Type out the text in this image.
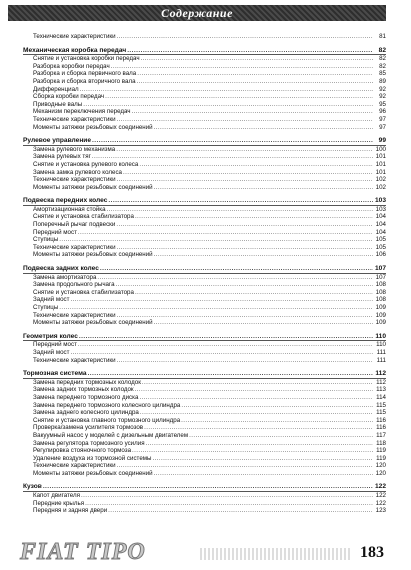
Содержание
Технические характеристики .....	81
Механическая коробка передач .....	82
Снятие и установка коробки передач .....	82
Разборка коробки передач .....	82
Разборка и сборка первичного вала .....	85
Разборка и сборка вторичного вала .....	89
Дифференциал .....	92
Сборка коробки передач .....	92
Приводные валы .....	95
Механизм переключения передач .....	96
Технические характеристики .....	97
Моменты затяжки резьбовых соединений .....	97
Рулевое управление .....	99
Замена рулевого механизма .....	100
Замена рулевых тяг .....	101
Снятие и установка рулевого колеса .....	101
Замена замка рулевого колеса .....	101
Технические характеристики .....	102
Моменты затяжки резьбовых соединений .....	102
Подвеска передних колес .....	103
Амортизационная стойка .....	103
Снятие и установка стабилизатора .....	104
Поперечный рычаг подвески .....	104
Передний мост .....	104
Ступицы .....	105
Технические характеристики .....	105
Моменты затяжки резьбовых соединений .....	106
Подвеска задних колес .....	107
Замена амортизатора .....	107
Замена продольного рычага .....	108
Снятие и установка стабилизатора .....	108
Задний мост .....	108
Ступицы .....	109
Технические характеристики .....	109
Моменты затяжки резьбовых соединений .....	109
Геометрия колес .....	110
Передний мост .....	110
Задний мост .....	111
Технические характеристики .....	111
Тормозная система .....	112
Замена передних тормозных колодок .....	112
Замена задних тормозных колодок .....	113
Замена переднего тормозного диска .....	114
Замена переднего тормозного колесного цилиндра .....	115
Замена заднего колесного цилиндра .....	115
Снятие и установка главного тормозного цилиндра .....	116
Проверка/замена усилителя тормозов .....	116
Вакуумный насос у моделей с дизельным двигателем .....	117
Замена регулятора тормозного усилия .....	118
Регулировка стояночного тормоза .....	119
Удаление воздуха из тормозной системы .....	119
Технические характеристики .....	120
Моменты затяжки резьбовых соединений .....	120
Кузов .....	122
Капот двигателя .....	122
Передние крылья .....	122
Передняя и задняя двери .....	123
FIAT TIPO	183
